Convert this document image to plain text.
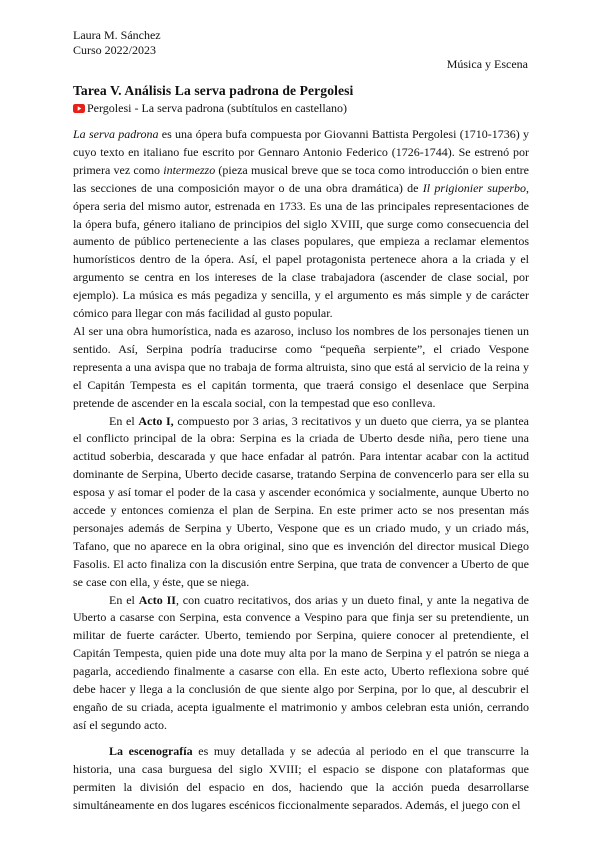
Laura M. Sánchez
Curso 2022/2023
Música y Escena
Tarea V. Análisis La serva padrona de Pergolesi
Pergolesi - La serva padrona (subtítulos en castellano)

La serva padrona es una ópera bufa compuesta por Giovanni Battista Pergolesi (1710-1736) y cuyo texto en italiano fue escrito por Gennaro Antonio Federico (1726-1744). Se estrenó por primera vez como intermezzo (pieza musical breve que se toca como introducción o bien entre las secciones de una composición mayor o de una obra dramática) de Il prigionier superbo, ópera seria del mismo autor, estrenada en 1733. Es una de las principales representaciones de la ópera bufa, género italiano de principios del siglo XVIII, que surge como consecuencia del aumento de público perteneciente a las clases populares, que empieza a reclamar elementos humorísticos dentro de la ópera. Así, el papel protagonista pertenece ahora a la criada y el argumento se centra en los intereses de la clase trabajadora (ascender de clase social, por ejemplo). La música es más pegadiza y sencilla, y el argumento es más simple y de carácter cómico para llegar con más facilidad al gusto popular.

Al ser una obra humorística, nada es azaroso, incluso los nombres de los personajes tienen un sentido. Así, Serpina podría traducirse como “pequeña serpiente”, el criado Vespone representa a una avispa que no trabaja de forma altruista, sino que está al servicio de la reina y el Capitán Tempesta es el capitán tormenta, que traerá consigo el desenlace que Serpina pretende de ascender en la escala social, con la tempestad que eso conlleva.

En el Acto I, compuesto por 3 arias, 3 recitativos y un dueto que cierra, ya se plantea el conflicto principal de la obra: Serpina es la criada de Uberto desde niña, pero tiene una actitud soberbia, descarada y que hace enfadar al patrón. Para intentar acabar con la actitud dominante de Serpina, Uberto decide casarse, tratando Serpina de convencerlo para ser ella su esposa y así tomar el poder de la casa y ascender económica y socialmente, aunque Uberto no accede y entonces comienza el plan de Serpina. En este primer acto se nos presentan más personajes además de Serpina y Uberto, Vespone que es un criado mudo, y un criado más, Tafano, que no aparece en la obra original, sino que es invención del director musical Diego Fasolis. El acto finaliza con la discusión entre Serpina, que trata de convencer a Uberto de que se case con ella, y éste, que se niega.

En el Acto II, con cuatro recitativos, dos arias y un dueto final, y ante la negativa de Uberto a casarse con Serpina, esta convence a Vespino para que finja ser su pretendiente, un militar de fuerte carácter. Uberto, temiendo por Serpina, quiere conocer al pretendiente, el Capitán Tempesta, quien pide una dote muy alta por la mano de Serpina y el patrón se niega a pagarla, accediendo finalmente a casarse con ella. En este acto, Uberto reflexiona sobre qué debe hacer y llega a la conclusión de que siente algo por Serpina, por lo que, al descubrir el engaño de su criada, acepta igualmente el matrimonio y ambos celebran esta unión, cerrando así el segundo acto.

La escenografía es muy detallada y se adecúa al periodo en el que transcurre la historia, una casa burguesa del siglo XVIII; el espacio se dispone con plataformas que permiten la división del espacio en dos, haciendo que la acción pueda desarrollarse simultáneamente en dos lugares escénicos ficcionalmente separados. Además, el juego con el
